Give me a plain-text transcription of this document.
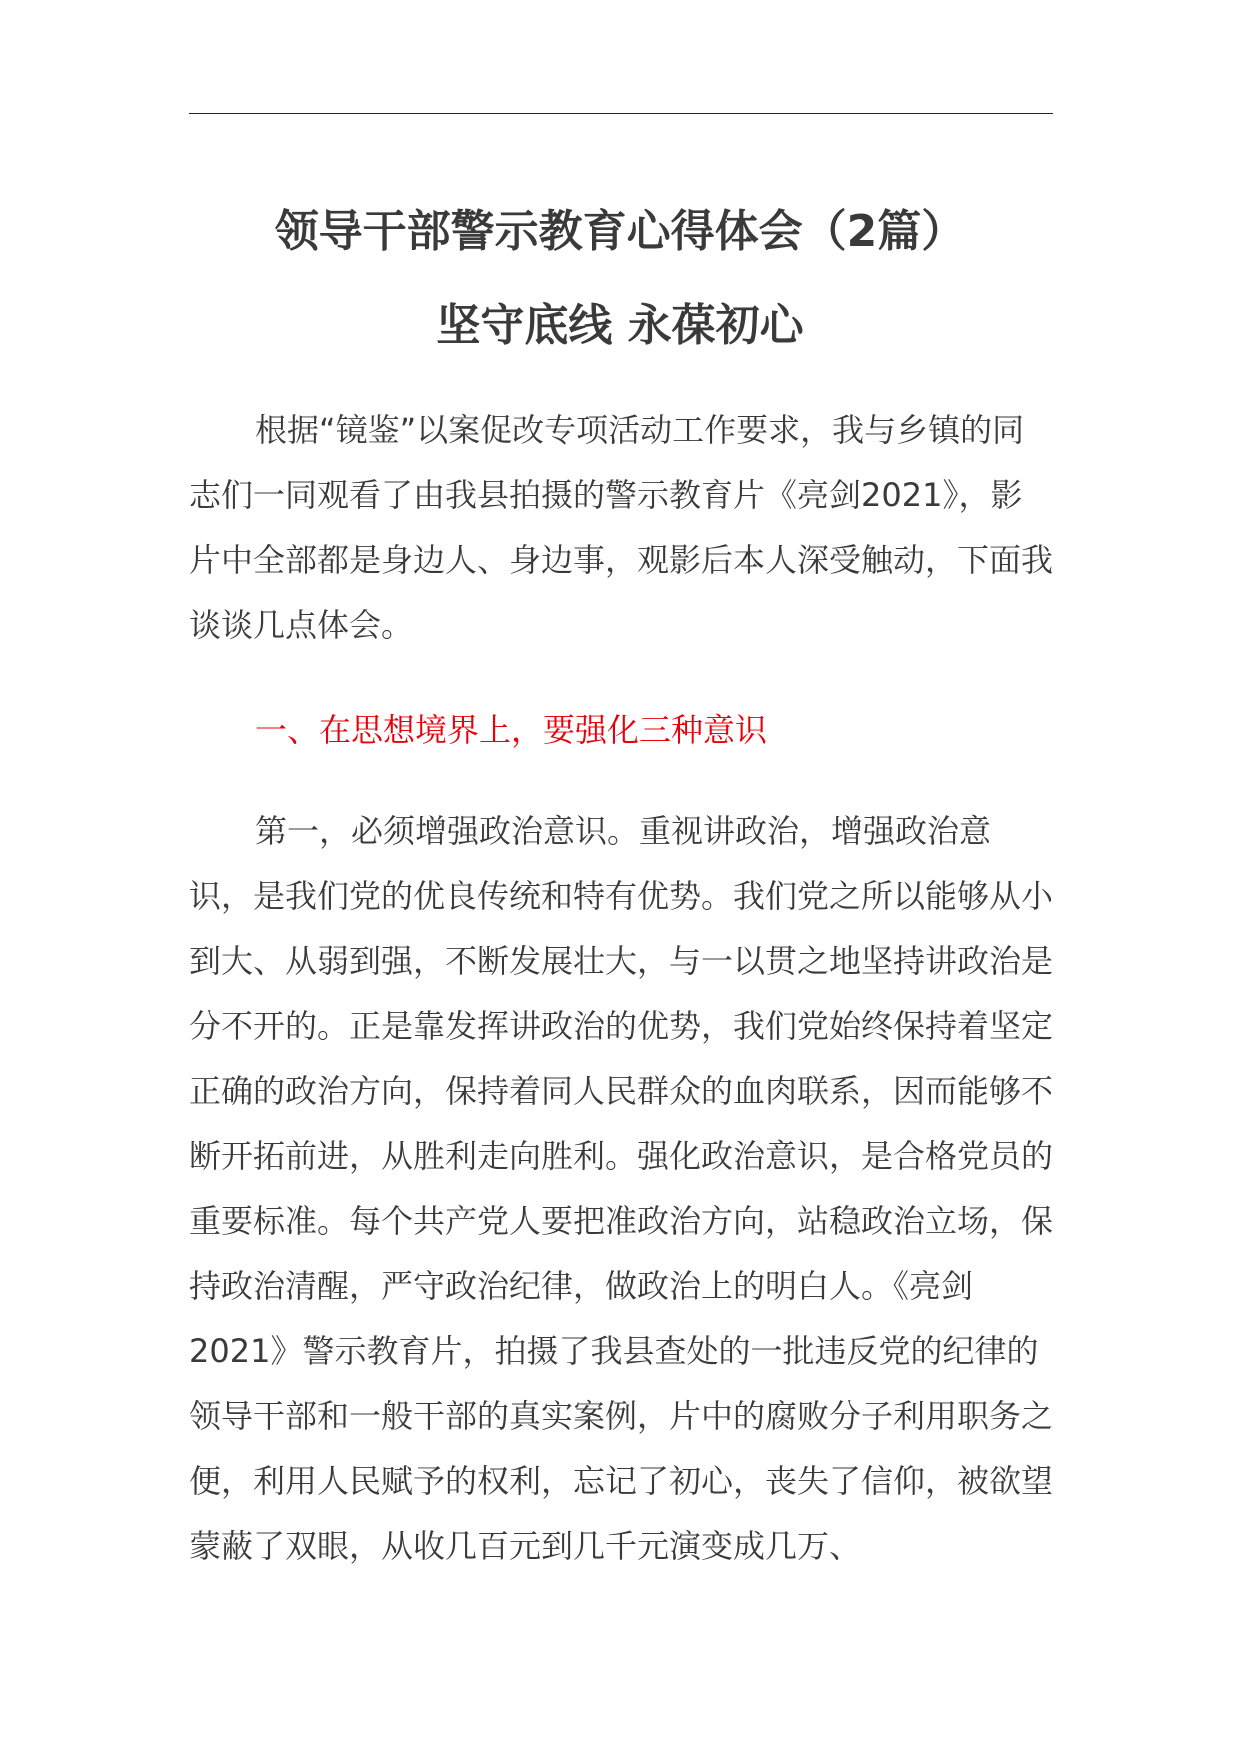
领导干部警示教育心得体会（2篇）
坚守底线 永葆初心

根据“镜鉴”以案促改专项活动工作要求，我与乡镇的同志们一同观看了由我县拍摄的警示教育片《亮剑2021》，影片中全部都是身边人、身边事，观影后本人深受触动，下面我谈谈几点体会。

一、在思想境界上，要强化三种意识

第一，必须增强政治意识。重视讲政治，增强政治意识，是我们党的优良传统和特有优势。我们党之所以能够从小到大、从弱到强，不断发展壮大，与一以贯之地坚持讲政治是分不开的。正是靠发挥讲政治的优势，我们党始终保持着坚定正确的政治方向，保持着同人民群众的血肉联系，因而能够不断开拓前进，从胜利走向胜利。强化政治意识，是合格党员的重要标准。每个共产党人要把准政治方向，站稳政治立场，保持政治清醒，严守政治纪律，做政治上的明白人。《亮剑2021》警示教育片，拍摄了我县查处的一批违反党的纪律的领导干部和一般干部的真实案例，片中的腐败分子利用职务之便，利用人民赋予的权利，忘记了初心，丧失了信仰，被欲望蒙蔽了双眼，从收几百元到几千元演变成几万、
